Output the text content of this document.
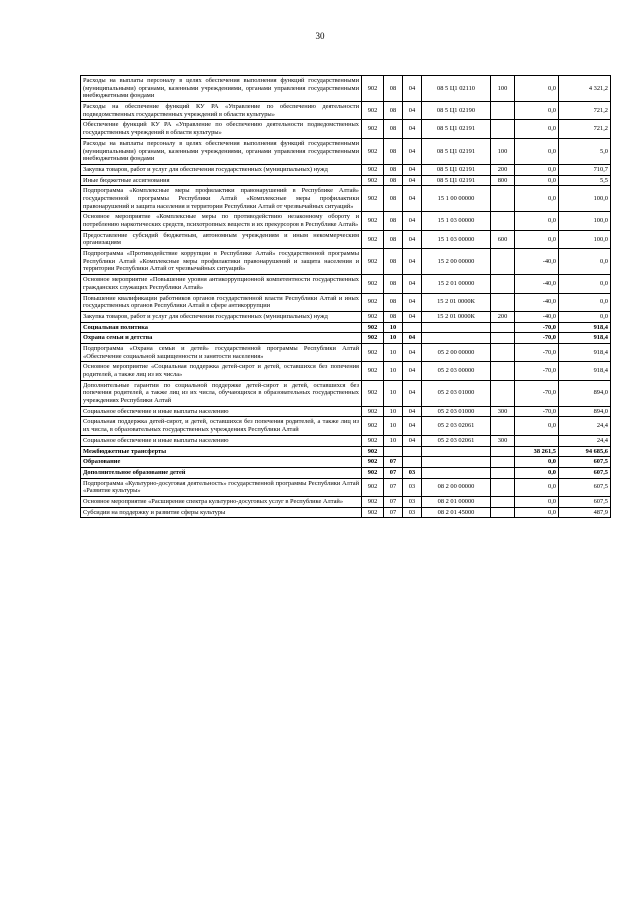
30
Расходы на выплаты персоналу в целях обеспечения выполнения функций государственными (муниципальными) органами, казенными учреждениями, органами управления государственными внебюджетными фондами	902	08	04	08 5 Ц1 02110	100	0,0	4 321,2
Расходы на обеспечение функций КУ РА «Управление по обеспечению деятельности подведомственных государственных учреждений в области культуры»	902	08	04	08 5 Ц1 02190		0,0	721,2
Обеспечение функций КУ РА «Управление по обеспечению деятельности подведомственных государственных учреждений в области культуры»	902	08	04	08 5 Ц1 02191		0,0	721,2
Расходы на выплаты персоналу в целях обеспечения выполнения функций государственными (муниципальными) органами, казенными учреждениями, органами управления государственными внебюджетными фондами	902	08	04	08 5 Ц1 02191	100	0,0	5,0
Закупка товаров, работ и услуг для обеспечения государственных (муниципальных) нужд	902	08	04	08 5 Ц1 02191	200	0,0	710,7
Иные бюджетные ассигнования	902	08	04	08 5 Ц1 02191	800	0,0	5,5
Подпрограмма «Комплексные меры профилактики правонарушений в Республике Алтай» государственной программы Республики Алтай «Комплексные меры профилактики правонарушений и защита населения и территории Республики Алтай от чрезвычайных ситуаций»	902	08	04	15 1 00 00000		0,0	100,0
Основное мероприятие «Комплексные меры по противодействию незаконному обороту и потреблению наркотических средств, психотропных веществ и их прекурсоров в Республике Алтай»	902	08	04	15 1 03 00000		0,0	100,0
Предоставление субсидий бюджетным, автономным учреждениям и иным некоммерческим организациям	902	08	04	15 1 03 00000	600	0,0	100,0
Подпрограмма «Противодействие коррупции в Республике Алтай» государственной программы Республики Алтай «Комплексные меры профилактики правонарушений и защита населения и территории Республики Алтай от чрезвычайных ситуаций»	902	08	04	15 2 00 00000		-40,0	0,0
Основное мероприятие «Повышение уровня антикоррупционной компетентности государственных гражданских служащих Республики Алтай»	902	08	04	15 2 01 00000		-40,0	0,0
Повышение квалификации работников органов государственной власти Республики Алтай и иных государственных органов Республики Алтай в сфере антикоррупции	902	08	04	15 2 01 0000К		-40,0	0,0
Закупка товаров, работ и услуг для обеспечения государственных (муниципальных) нужд	902	08	04	15 2 01 0000К	200	-40,0	0,0
Социальная политика	902	10				-70,0	918,4
Охрана семьи и детства	902	10	04			-70,0	918,4
Подпрограмма «Охрана семьи и детей» государственной программы Республики Алтай «Обеспечение социальной защищенности и занятости населения»	902	10	04	05 2 00 00000		-70,0	918,4
Основное мероприятие «Социальная поддержка детей-сирот и детей, оставшихся без попечения родителей, а также лиц из их числа»	902	10	04	05 2 03 00000		-70,0	918,4
Дополнительные гарантии по социальной поддержке детей-сирот и детей, оставшихся без попечения родителей, а также лиц из их числа, обучающихся в образовательных государственных учреждениях Республики Алтай	902	10	04	05 2 03 01000		-70,0	894,0
Социальное обеспечение и иные выплаты населению	902	10	04	05 2 03 01000	300	-70,0	894,0
Социальная поддержка детей-сирот, и детей, оставшихся без попечения родителей, а также лиц из их числа, в образовательных государственных учреждениях Республики Алтай	902	10	04	05 2 03 02061		0,0	24,4
Социальное обеспечение и иные выплаты населению	902	10	04	05 2 03 02061	300		24,4
Межбюджетные трансферты	902					38 261,5	94 685,6
Образование	902	07				0,0	607,5
Дополнительное образование детей	902	07	03			0,0	607,5
Подпрограмма «Культурно-досуговая деятельность» государственной программы Республики Алтай «Развитие культуры»	902	07	03	08 2 00 00000		0,0	607,5
Основное мероприятие «Расширение спектра культурно-досуговых услуг в Республике Алтай»	902	07	03	08 2 01 00000		0,0	607,5
Субсидии на поддержку и развитие сферы культуры	902	07	03	08 2 01 45000		0,0	487,9
